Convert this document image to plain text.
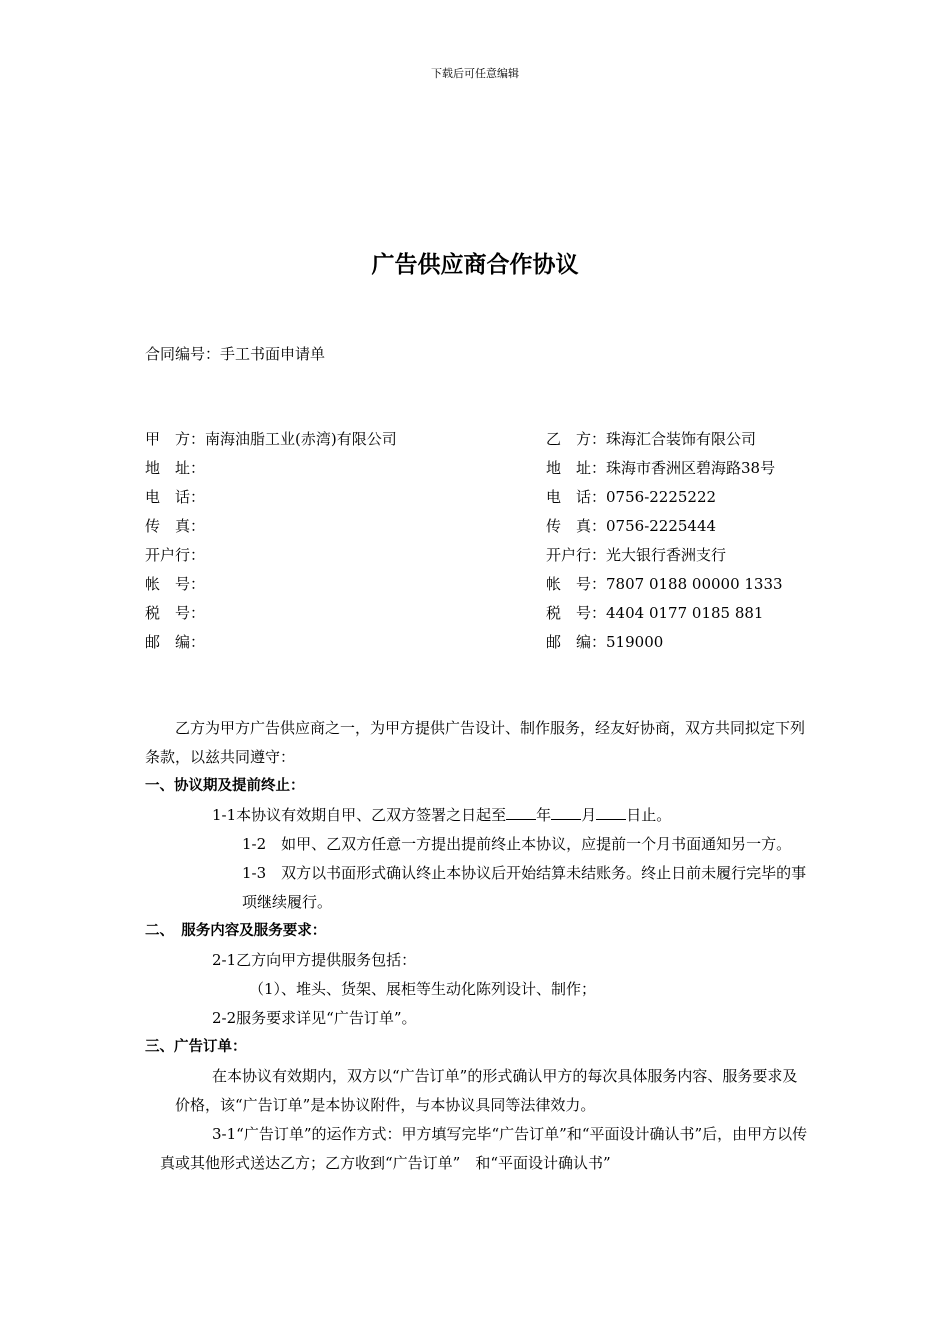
下载后可任意编辑
广告供应商合作协议
合同编号：手工书面申请单
甲　方：南海油脂工业(赤湾)有限公司
地　址：
电　话：
传　真：
开户行：
帐　号：
税　号：
邮　编：
乙　方：珠海汇合装饰有限公司
地　址：珠海市香洲区碧海路38号
电　话：0756-2225222
传　真：0756-2225444
开户行：光大银行香洲支行
帐　号：7807 0188 00000 1333
税　号：4404 0177 0185 881
邮　编：519000

乙方为甲方广告供应商之一，为甲方提供广告设计、制作服务，经友好协商，双方共同拟定下列条款，以兹共同遵守：

一、协议期及提前终止：

1-1本协议有效期自甲、乙双方签署之日起至 年 月 日止。

1-2　如甲、乙双方任意一方提出提前终止本协议，应提前一个月书面通知另一方。

1-3　双方以书面形式确认终止本协议后开始结算未结账务。终止日前未履行完毕的事项继续履行。

二、　服务内容及服务要求：

2-1乙方向甲方提供服务包括：

（1）、堆头、货架、展柜等生动化陈列设计、制作；

2-2服务要求详见“广告订单”。

三、广告订单：

在本协议有效期内，双方以“广告订单”的形式确认甲方的每次具体服务内容、服务要求及价格，该“广告订单”是本协议附件，与本协议具同等法律效力。

3-1“广告订单”的运作方式：甲方填写完毕“广告订单”和“平面设计确认书”后，由甲方以传真或其他形式送达乙方；乙方收到“广告订单”　和“平面设计确认书”
